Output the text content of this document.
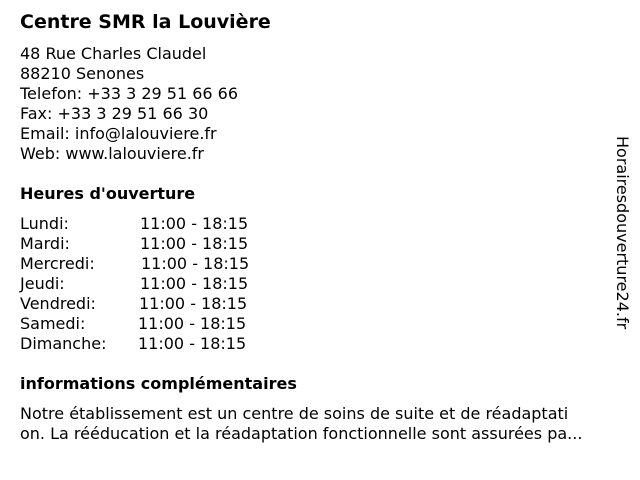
Centre SMR la Louvière
48 Rue Charles Claudel
88210 Senones
Telefon: +33 3 29 51 66 66
Fax: +33 3 29 51 66 30
Email: info@lalouviere.fr
Web: www.lalouviere.fr
Heures d'ouverture
Lundi:	11:00 - 18:15
Mardi:	11:00 - 18:15
Mercredi:	11:00 - 18:15
Jeudi:	11:00 - 18:15
Vendredi:	11:00 - 18:15
Samedi:	11:00 - 18:15
Dimanche: 11:00 - 18:15
informations complémentaires
Notre établissement est un centre de soins de suite et de réadaptati
on. La rééducation et la réadaptation fonctionnelle sont assurées pa...
Horairesdouverture24.fr
